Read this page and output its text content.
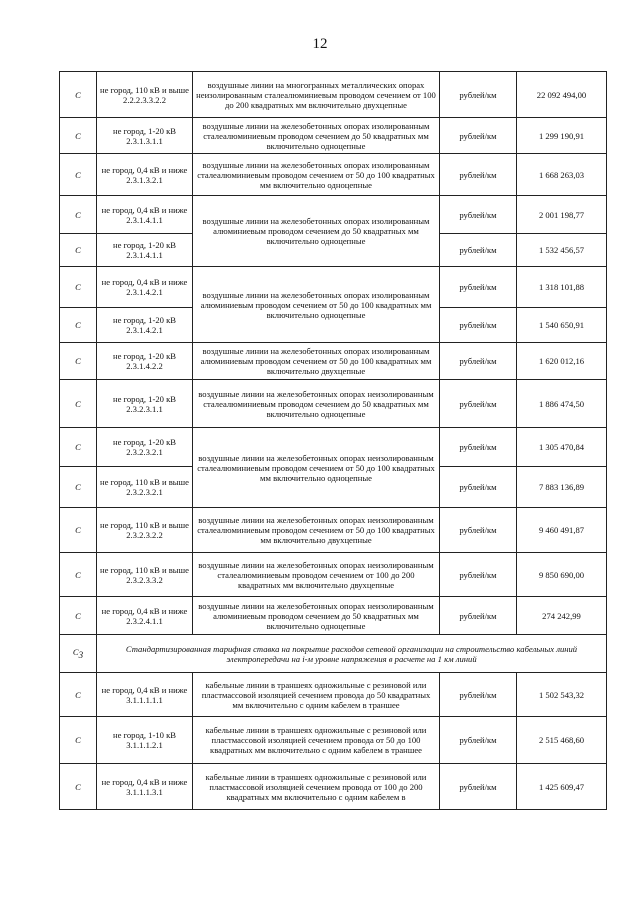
12
C	не город, 110 кВ и выше 2.2.2.3.3.2.2	воздушные линии на многогранных металлических опорах неизолированным сталеалюминиевым проводом сечением от 100 до 200 квадратных мм включительно двухцепные	рублей/км	22 092 494,00
C	не город, 1-20 кВ 2.3.1.3.1.1	воздушные линии на железобетонных опорах изолированным сталеалюминиевым проводом сечением до 50 квадратных мм включительно одноцепные	рублей/км	1 299 190,91
C	не город, 0,4 кВ и ниже 2.3.1.3.2.1	воздушные линии на железобетонных опорах изолированным сталеалюминиевым проводом сечением от 50 до 100 квадратных мм включительно одноцепные	рублей/км	1 668 263,03
C	не город, 0,4 кВ и ниже 2.3.1.4.1.1	воздушные линии на железобетонных опорах изолированным алюминиевым проводом сечением до 50 квадратных мм включительно одноцепные	рублей/км	2 001 198,77
C	не город, 1-20 кВ 2.3.1.4.1.1		рублей/км	1 532 456,57
C	не город, 0,4 кВ и ниже 2.3.1.4.2.1	воздушные линии на железобетонных опорах изолированным алюминиевым проводом сечением от 50 до 100 квадратных мм включительно одноцепные	рублей/км	1 318 101,88
C	не город, 1-20 кВ 2.3.1.4.2.1		рублей/км	1 540 650,91
C	не город, 1-20 кВ 2.3.1.4.2.2	воздушные линии на железобетонных опорах изолированным алюминиевым проводом сечением от 50 до 100 квадратных мм включительно двухцепные	рублей/км	1 620 012,16
C	не город, 1-20 кВ 2.3.2.3.1.1	воздушные линии на железобетонных опорах неизолированным сталеалюминиевым проводом сечением до 50 квадратных мм включительно одноцепные	рублей/км	1 886 474,50
C	не город, 1-20 кВ 2.3.2.3.2.1	воздушные линии на железобетонных опорах неизолированным сталеалюминиевым проводом сечением от 50 до 100 квадратных мм включительно одноцепные	рублей/км	1 305 470,84
C	не город, 110 кВ и выше 2.3.2.3.2.1		рублей/км	7 883 136,89
C	не город, 110 кВ и выше 2.3.2.3.2.2	воздушные линии на железобетонных опорах неизолированным сталеалюминиевым проводом сечением от 50 до 100 квадратных мм включительно двухцепные	рублей/км	9 460 491,87
C	не город, 110 кВ и выше 2.3.2.3.3.2	воздушные линии на железобетонных опорах неизолированным сталеалюминиевым проводом сечением от 100 до 200 квадратных мм включительно двухцепные	рублей/км	9 850 690,00
C	не город, 0,4 кВ и ниже 2.3.2.4.1.1	воздушные линии на железобетонных опорах неизолированным алюминиевым проводом сечением до 50 квадратных мм включительно одноцепные	рублей/км	274 242,99
C3	Стандартизированная тарифная ставка на покрытие расходов сетевой организации на строительство кабельных линий электропередачи на i-м уровне напряжения в расчете на 1 км линий			
C	не город, 0,4 кВ и ниже 3.1.1.1.1.1	кабельные линии в траншеях одножильные с резиновой или пластмассовой изоляцией сечением провода до 50 квадратных мм включительно с одним кабелем в траншее	рублей/км	1 502 543,32
C	не город, 1-10 кВ 3.1.1.1.2.1	кабельные линии в траншеях одножильные с резиновой или пластмассовой изоляцией сечением провода от 50 до 100 квадратных мм включительно с одним кабелем в траншее	рублей/км	2 515 468,60
C	не город, 0,4 кВ и ниже 3.1.1.1.3.1	кабельные линии в траншеях одножильные с резиновой или пластмассовой изоляцией сечением провода от 100 до 200 квадратных мм включительно с одним кабелем в	рублей/км	1 425 609,47
